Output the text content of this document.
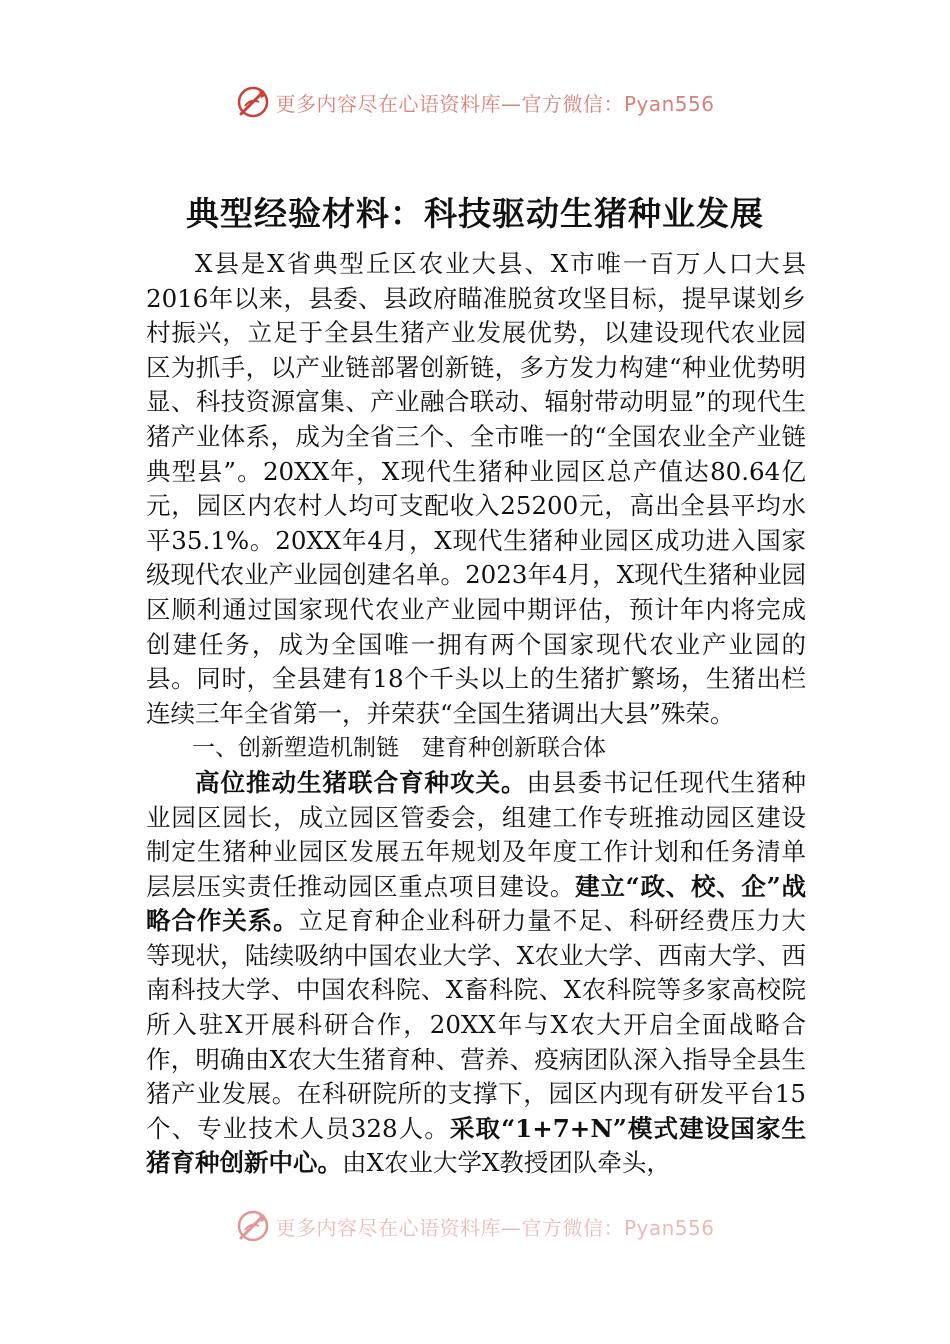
更多内容尽在心语资料库—官方微信：Pyan556
典型经验材料：科技驱动生猪种业发展

X县是X省典型丘区农业大县、X市唯一百万人口大县2016年以来，县委、县政府瞄准脱贫攻坚目标，提早谋划乡村振兴，立足于全县生猪产业发展优势，以建设现代农业园区为抓手，以产业链部署创新链，多方发力构建“种业优势明显、科技资源富集、产业融合联动、辐射带动明显”的现代生猪产业体系，成为全省三个、全市唯一的“全国农业全产业链典型县”。20XX年，X现代生猪种业园区总产值达80.64亿元，园区内农村人均可支配收入25200元，高出全县平均水平35.1%。20XX年4月，X现代生猪种业园区成功进入国家级现代农业产业园创建名单。2023年4月，X现代生猪种业园区顺利通过国家现代农业产业园中期评估，预计年内将完成创建任务，成为全国唯一拥有两个国家现代农业产业园的县。同时，全县建有18个千头以上的生猪扩繁场，生猪出栏连续三年全省第一，并荣获“全国生猪调出大县”殊荣。

一、创新塑造机制链　建育种创新联合体

高位推动生猪联合育种攻关。由县委书记任现代生猪种业园区园长，成立园区管委会，组建工作专班推动园区建设制定生猪种业园区发展五年规划及年度工作计划和任务清单层层压实责任推动园区重点项目建设。建立“政、校、企”战略合作关系。立足育种企业科研力量不足、科研经费压力大等现状，陆续吸纳中国农业大学、X农业大学、西南大学、西南科技大学、中国农科院、X畜科院、X农科院等多家高校院所入驻X开展科研合作，20XX年与X农大开启全面战略合作，明确由X农大生猪育种、营养、疫病团队深入指导全县生猪产业发展。在科研院所的支撑下，园区内现有研发平台15个、专业技术人员328人。采取“1+7+N”模式建设国家生猪育种创新中心。由X农业大学X教授团队牵头，

更多内容尽在心语资料库—官方微信：Pyan556
